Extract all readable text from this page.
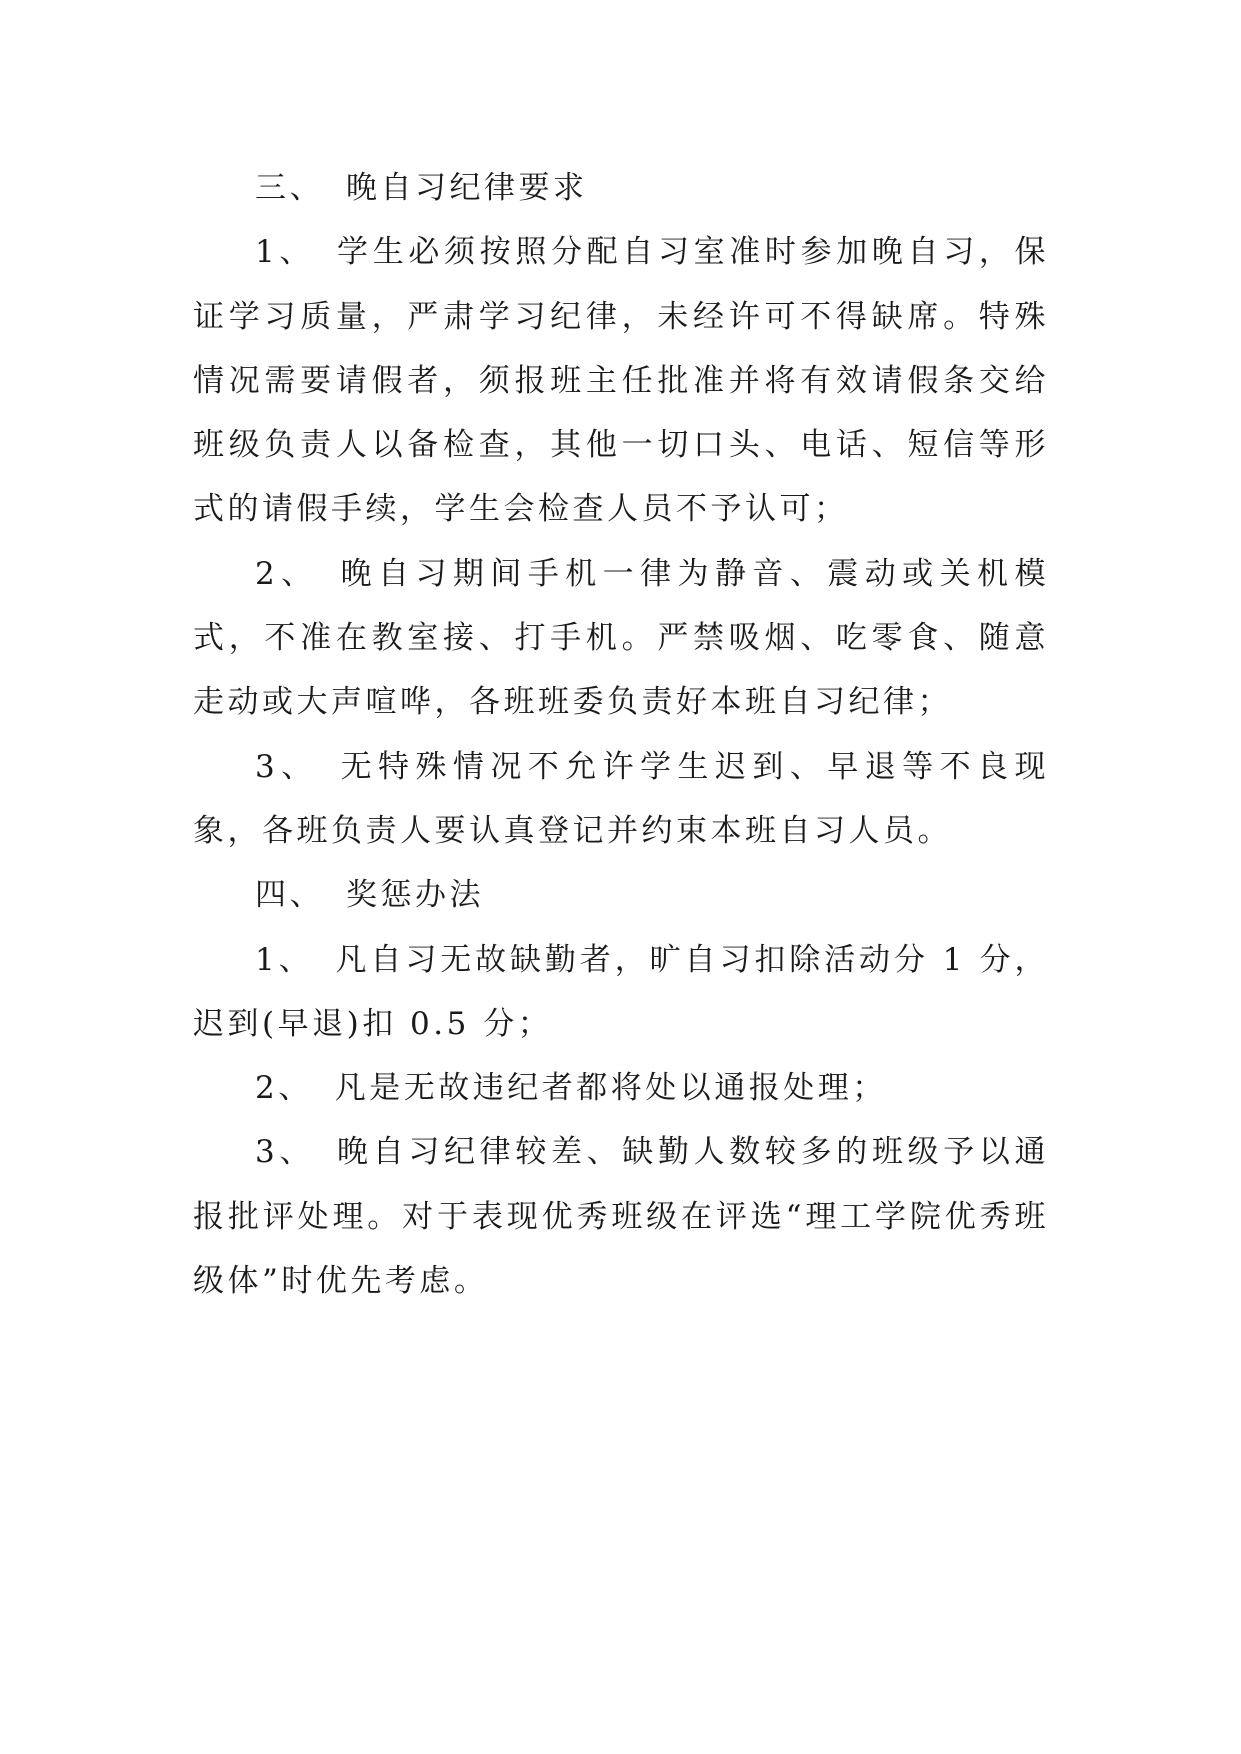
三、 晚自习纪律要求

1、 学生必须按照分配自习室准时参加晚自习，保证学习质量，严肃学习纪律，未经许可不得缺席。特殊情况需要请假者，须报班主任批准并将有效请假条交给班级负责人以备检查，其他一切口头、电话、短信等形式的请假手续，学生会检查人员不予认可；

2、 晚自习期间手机一律为静音、震动或关机模式，不准在教室接、打手机。严禁吸烟、吃零食、随意走动或大声喧哗，各班班委负责好本班自习纪律；

3、 无特殊情况不允许学生迟到、早退等不良现象，各班负责人要认真登记并约束本班自习人员。

四、 奖惩办法

1、 凡自习无故缺勤者，旷自习扣除活动分 1 分，迟到(早退)扣 0.5 分；

2、 凡是无故违纪者都将处以通报处理；

3、 晚自习纪律较差、缺勤人数较多的班级予以通报批评处理。对于表现优秀班级在评选“理工学院优秀班级体”时优先考虑。
